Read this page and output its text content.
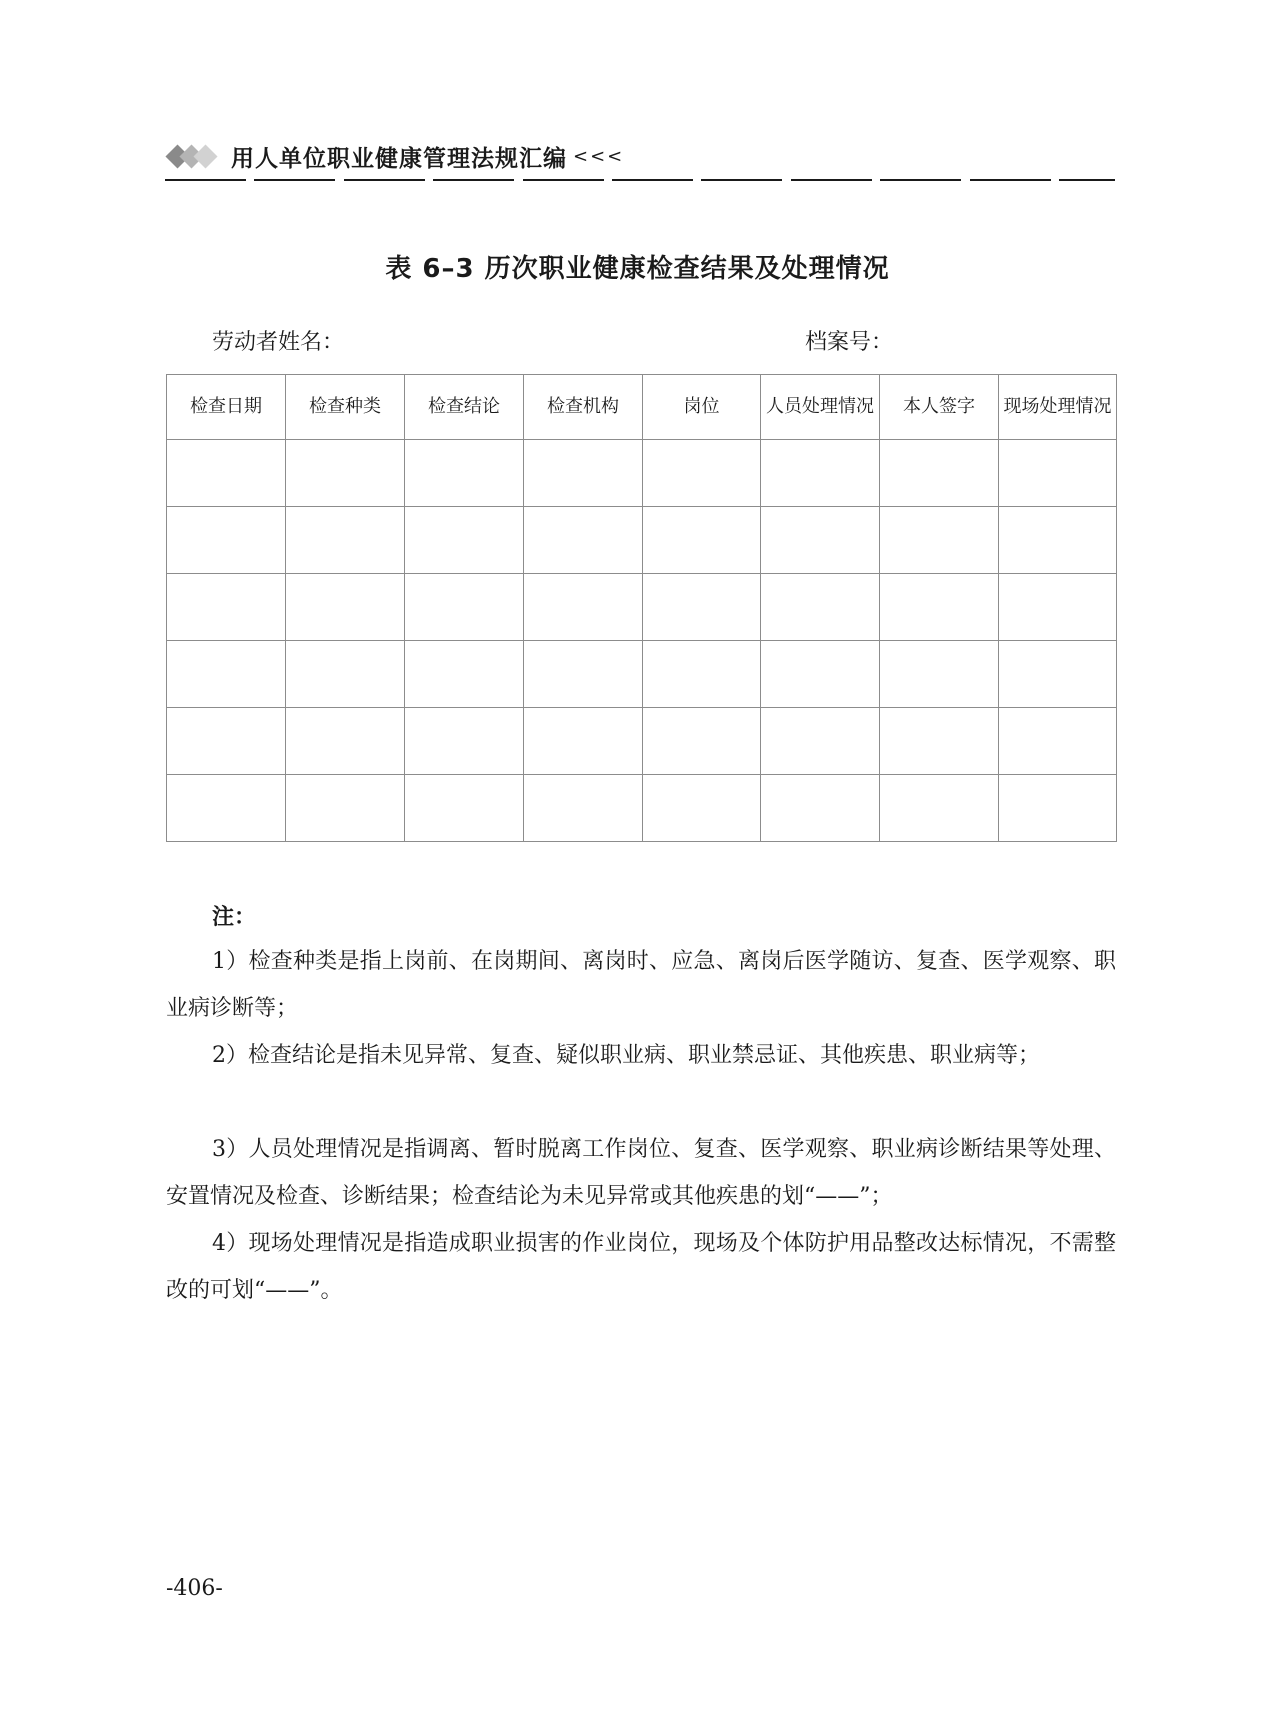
用人单位职业健康管理法规汇编 <<<
表 6–3 历次职业健康检查结果及处理情况
劳动者姓名：	档案号：
检查日期	检查种类	检查结论	检查机构	岗位	人员处理情况	本人签字	现场处理情况

注：

1）检查种类是指上岗前、在岗期间、离岗时、应急、离岗后医学随访、复查、医学观察、职业病诊断等；

2）检查结论是指未见异常、复查、疑似职业病、职业禁忌证、其他疾患、职业病等；

3）人员处理情况是指调离、暂时脱离工作岗位、复查、医学观察、职业病诊断结果等处理、安置情况及检查、诊断结果；检查结论为未见异常或其他疾患的划“——”；

4）现场处理情况是指造成职业损害的作业岗位，现场及个体防护用品整改达标情况，不需整改的可划“——”。

-406-
